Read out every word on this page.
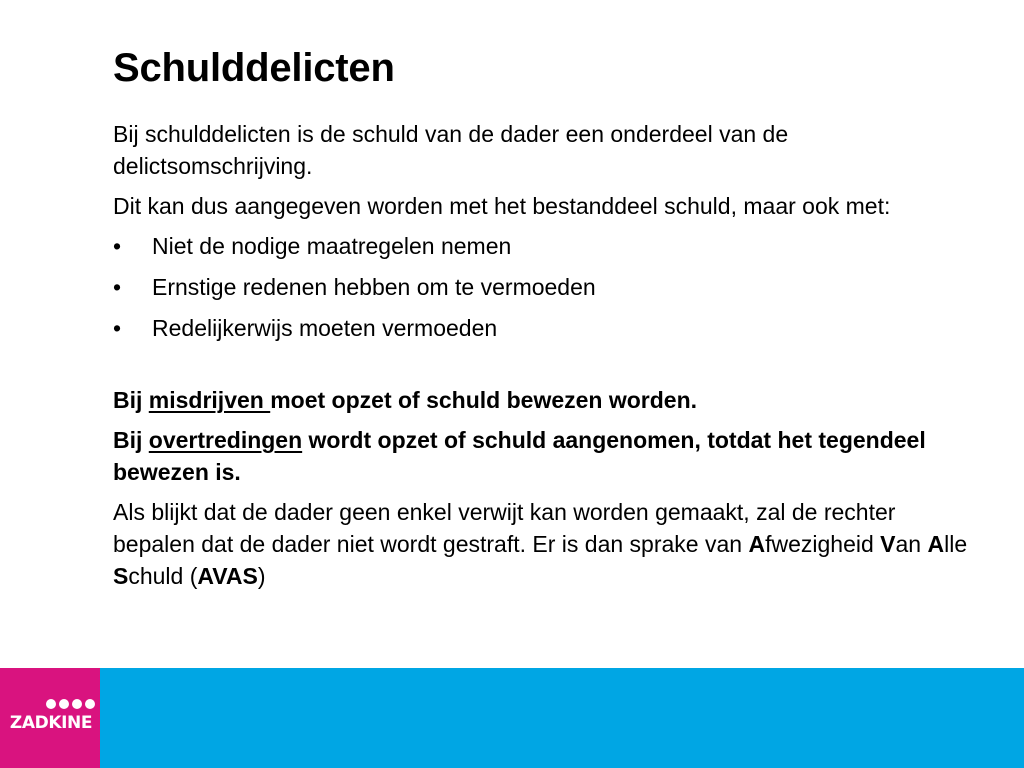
Schulddelicten

Bij schulddelicten is de schuld van de dader een onderdeel van de delictsomschrijving.

Dit kan dus aangegeven worden met het bestanddeel schuld, maar ook met:

• Niet de nodige maatregelen nemen
• Ernstige redenen hebben om te vermoeden
• Redelijkerwijs moeten vermoeden

Bij misdrijven moet opzet of schuld bewezen worden.

Bij overtredingen wordt opzet of schuld aangenomen, totdat het tegendeel bewezen is.

Als blijkt dat de dader geen enkel verwijt kan worden gemaakt, zal de rechter bepalen dat de dader niet wordt gestraft. Er is dan sprake van Afwezigheid Van Alle Schuld (AVAS)

ZADKINE
